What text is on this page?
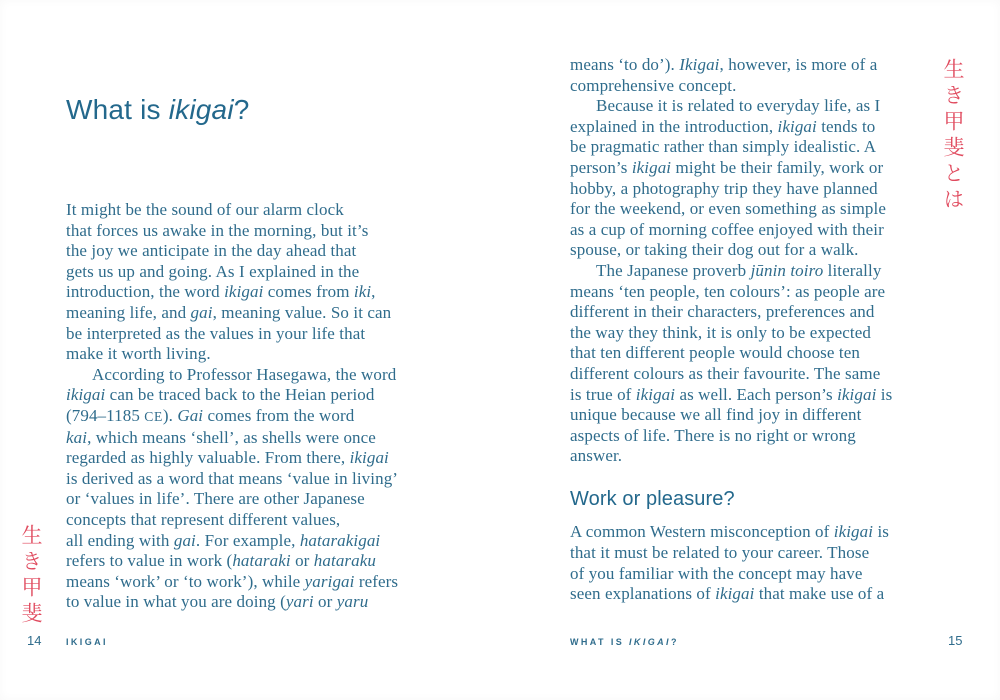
What is ikigai?

It might be the sound of our alarm clock
that forces us awake in the morning, but it’s
the joy we anticipate in the day ahead that
gets us up and going. As I explained in the
introduction, the word ikigai comes from iki,
meaning life, and gai, meaning value. So it can
be interpreted as the values in your life that
make it worth living.

According to Professor Hasegawa, the word
ikigai can be traced back to the Heian period
(794–1185 CE). Gai comes from the word
kai, which means ‘shell’, as shells were once
regarded as highly valuable. From there, ikigai
is derived as a word that means ‘value in living’
or ‘values in life’. There are other Japanese
concepts that represent different values,
all ending with gai. For example, hatarakigai
refers to value in work (hataraki or hataraku
means ‘work’ or ‘to work’), while yarigai refers
to value in what you are doing (yari or yaru

生き甲斐
14	IKIGAI

means ‘to do’). Ikigai, however, is more of a
comprehensive concept.

Because it is related to everyday life, as I
explained in the introduction, ikigai tends to
be pragmatic rather than simply idealistic. A
person’s ikigai might be their family, work or
hobby, a photography trip they have planned
for the weekend, or even something as simple
as a cup of morning coffee enjoyed with their
spouse, or taking their dog out for a walk.

The Japanese proverb jūnin toiro literally
means ‘ten people, ten colours’: as people are
different in their characters, preferences and
the way they think, it is only to be expected
that ten different people would choose ten
different colours as their favourite. The same
is true of ikigai as well. Each person’s ikigai is
unique because we all find joy in different
aspects of life. There is no right or wrong
answer.

Work or pleasure?

A common Western misconception of ikigai is
that it must be related to your career. Those
of you familiar with the concept may have
seen explanations of ikigai that make use of a

生き甲斐とは
WHAT IS IKIGAI?	15
